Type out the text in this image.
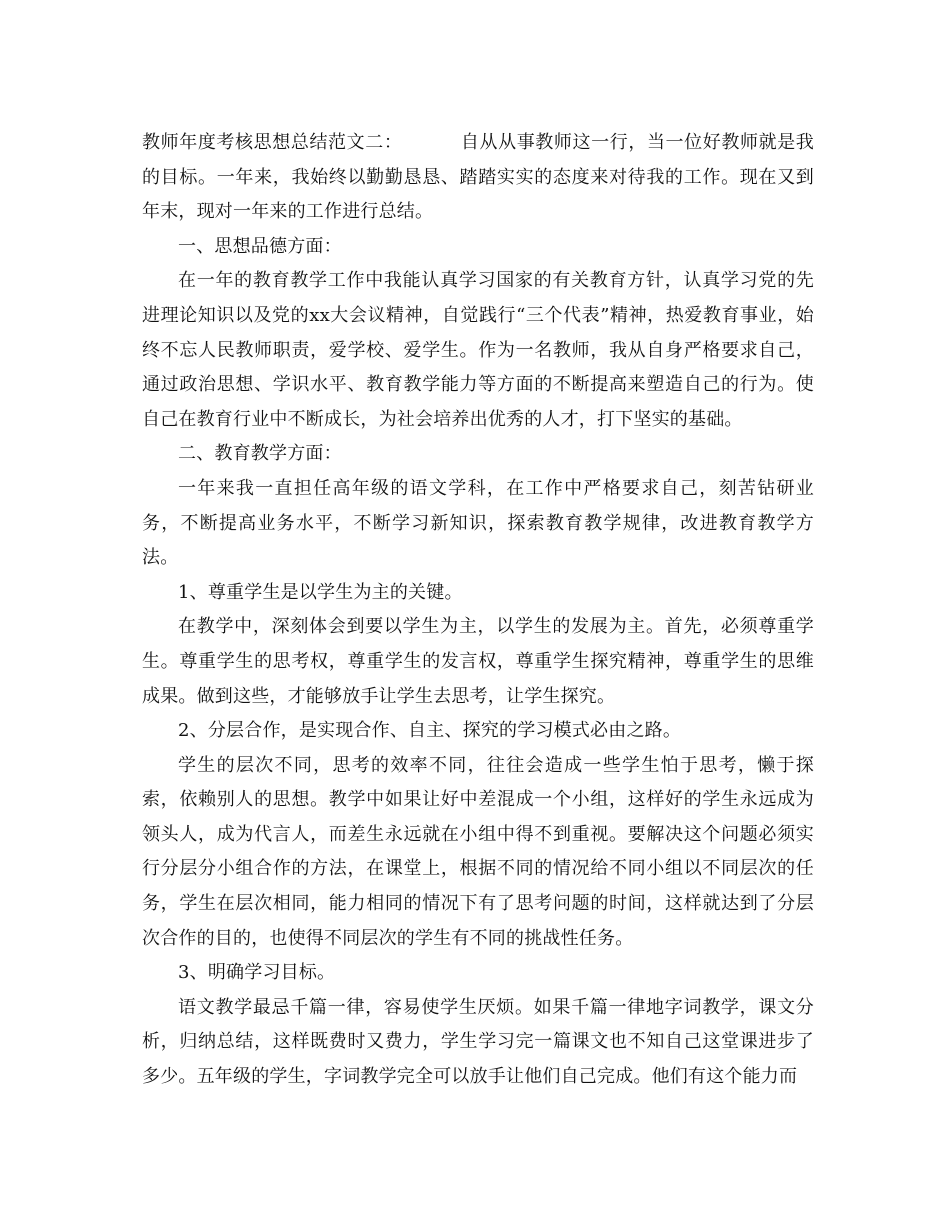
教师年度考核思想总结范文二：	自从从事教师这一行，当一位好教师就是我的目标。一年来，我始终以勤勤恳恳、踏踏实实的态度来对待我的工作。现在又到年末，现对一年来的工作进行总结。

一、思想品德方面：

在一年的教育教学工作中我能认真学习国家的有关教育方针，认真学习党的先进理论知识以及党的xx大会议精神，自觉践行“三个代表”精神，热爱教育事业，始终不忘人民教师职责，爱学校、爱学生。作为一名教师，我从自身严格要求自己，通过政治思想、学识水平、教育教学能力等方面的不断提高来塑造自己的行为。使自己在教育行业中不断成长，为社会培养出优秀的人才，打下坚实的基础。

二、教育教学方面：

一年来我一直担任高年级的语文学科，在工作中严格要求自己，刻苦钻研业务，不断提高业务水平，不断学习新知识，探索教育教学规律，改进教育教学方法。

1、尊重学生是以学生为主的关键。

在教学中，深刻体会到要以学生为主，以学生的发展为主。首先，必须尊重学生。尊重学生的思考权，尊重学生的发言权，尊重学生探究精神，尊重学生的思维成果。做到这些，才能够放手让学生去思考，让学生探究。

2、分层合作，是实现合作、自主、探究的学习模式必由之路。

学生的层次不同，思考的效率不同，往往会造成一些学生怕于思考，懒于探索，依赖别人的思想。教学中如果让好中差混成一个小组，这样好的学生永远成为领头人，成为代言人，而差生永远就在小组中得不到重视。要解决这个问题必须实行分层分小组合作的方法，在课堂上，根据不同的情况给不同小组以不同层次的任务，学生在层次相同，能力相同的情况下有了思考问题的时间，这样就达到了分层次合作的目的，也使得不同层次的学生有不同的挑战性任务。

3、明确学习目标。

语文教学最忌千篇一律，容易使学生厌烦。如果千篇一律地字词教学，课文分析，归纳总结，这样既费时又费力，学生学习完一篇课文也不知自己这堂课进步了多少。五年级的学生，字词教学完全可以放手让他们自己完成。他们有这个能力而
